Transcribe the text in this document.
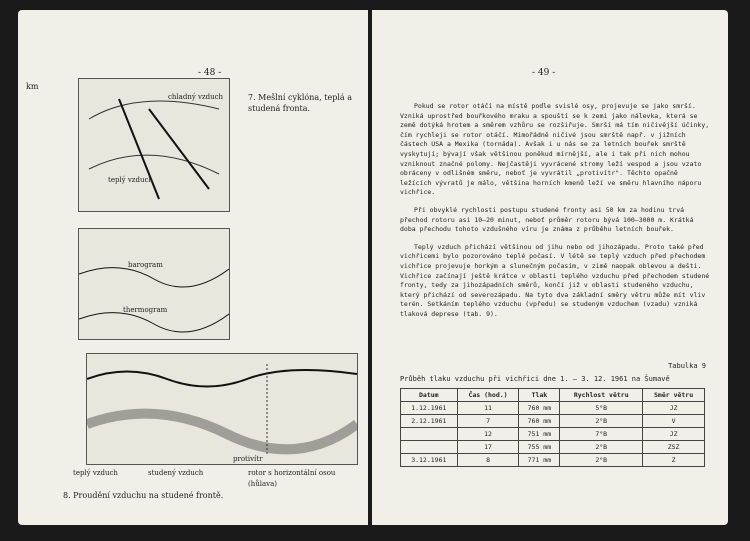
- 48 -
km
chladný vzduch
teplý vzduch
barogram
thermogram
7. Mešlní cyklóna, teplá a studená fronta.
protivítr
teplý vzduch	studený vzduch	rotor s horizontální osou (hůlava)
8. Proudění vzduchu na studené frontě.
- 49 -

Pokud se rotor otáčí na místě podle svislé osy, projevuje se jako smrší. Vzniká uprostřed bouřkového mraku a spouští se k zemi jako nálevka, která se země dotýká hrotem a směrem vzhůru se rozšiřuje. Smrší má tím ničivější účinky, čím rychleji se rotor otáčí. Mimořádně ničivé jsou smrště např. v jižních částech USA a Mexika (tornáda). Avšak i u nás se za letních bouřek smrště vyskytují; bývají však většinou poněkud mírnější, ale i tak při nich mohou vzniknout značné polomy. Nejčastěji vyvrácené stromy leží vespod a jsou vzato obráceny v odlišném směru, neboť je vyvrátil „protivítr". Těchto opačně ležících vývratů je málo, většina horních kmenů leží ve směru hlavního náporu vichřice.

Při obvyklé rychlosti postupu studené fronty asi 50 km za hodinu trvá přechod rotoru asi 10–20 minut, neboť průměr rotoru bývá 100–3000 m. Krátká doba přechodu tohoto vzdušného víru je známa z průběhu letních bouřek.

Teplý vzduch přichází většinou od jihu nebo od jihozápadu. Proto také před vichřicemi bylo pozorováno teplé počasí. V létě se teplý vzduch před přechodem vichřice projevuje horkým a slunečným počasím, v zimě naopak oblevou a dešti. Vichřice začínají ještě krátce v oblasti teplého vzduchu před přechodem studené fronty, tedy za jihozápadních směrů, končí již v oblasti studeného vzduchu, který přichází od severozápadu. Na tyto dva základní směry větru může mít vliv terén. Setkáním teplého vzduchu (vpředu) se studeným vzduchem (vzadu) vzniká tlaková deprese (tab. 9).

Tabulka 9
Průběh tlaku vzduchu při vichřici dne 1. – 3. 12. 1961 na Šumavě
Datum	Čas (hod.)	Tlak	Rychlost větru	Směr větru
1.12.1961	11	760 mm	5°B	JZ
2.12.1961	7	760 mm	2°B	V
	12	751 mm	7°B	JZ
	17	755 mm	2°B	ZSZ
3.12.1961	8	771 mm	2°B	Z
